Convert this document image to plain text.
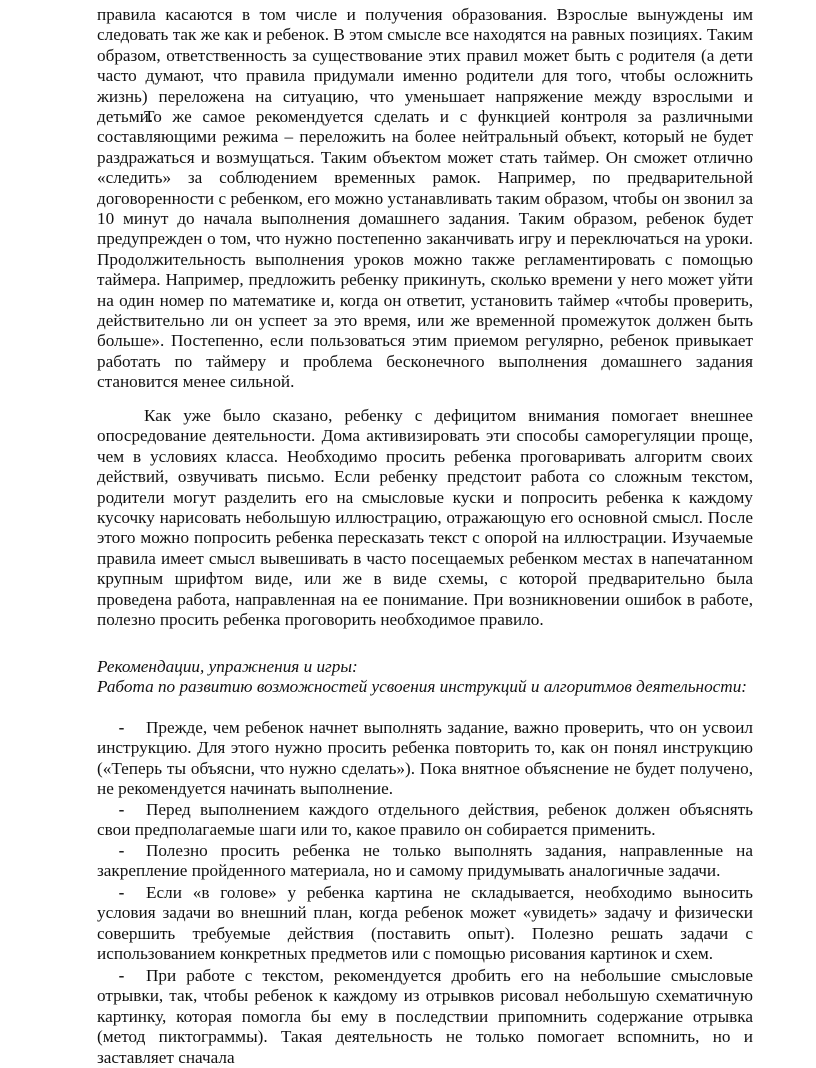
правила касаются в том числе и получения образования. Взрослые вынуждены им следовать так же как и ребенок. В этом смысле все находятся на равных позициях. Таким образом, ответственность за существование этих правил может быть с родителя (а дети часто думают, что правила придумали именно родители для того, чтобы осложнить жизнь) переложена на ситуацию, что уменьшает напряжение между взрослыми и детьми.

То же самое рекомендуется сделать и с функцией контроля за различными составляющими режима – переложить на более нейтральный объект, который не будет раздражаться и возмущаться. Таким объектом может стать таймер. Он сможет отлично «следить» за соблюдением временных рамок. Например, по предварительной договоренности с ребенком, его можно устанавливать таким образом, чтобы он звонил за 10 минут до начала выполнения домашнего задания. Таким образом, ребенок будет предупрежден о том, что нужно постепенно заканчивать игру и переключаться на уроки. Продолжительность выполнения уроков можно также регламентировать с помощью таймера. Например, предложить ребенку прикинуть, сколько времени у него может уйти на один номер по математике и, когда он ответит, установить таймер «чтобы проверить, действительно ли он успеет за это время, или же временной промежуток должен быть больше». Постепенно, если пользоваться этим приемом регулярно, ребенок привыкает работать по таймеру и проблема бесконечного выполнения домашнего задания становится менее сильной.

Как уже было сказано, ребенку с дефицитом внимания помогает внешнее опосредование деятельности. Дома активизировать эти способы саморегуляции проще, чем в условиях класса. Необходимо просить ребенка проговаривать алгоритм своих действий, озвучивать письмо. Если ребенку предстоит работа со сложным текстом, родители могут разделить его на смысловые куски и попросить ребенка к каждому кусочку нарисовать небольшую иллюстрацию, отражающую его основной смысл. После этого можно попросить ребенка пересказать текст с опорой на иллюстрации. Изучаемые правила имеет смысл вывешивать в часто посещаемых ребенком местах в напечатанном крупным шрифтом виде, или же в виде схемы, с которой предварительно была проведена работа, направленная на ее понимание. При возникновении ошибок в работе, полезно просить ребенка проговорить необходимое правило.

Рекомендации, упражнения и игры:

Работа по развитию возможностей усвоения инструкций и алгоритмов деятельности:

- Прежде, чем ребенок начнет выполнять задание, важно проверить, что он усвоил инструкцию. Для этого нужно просить ребенка повторить то, как он понял инструкцию («Теперь ты объясни, что нужно сделать»). Пока внятное объяснение не будет получено, не рекомендуется начинать выполнение.

- Перед выполнением каждого отдельного действия, ребенок должен объяснять свои предполагаемые шаги или то, какое правило он собирается применить.

- Полезно просить ребенка не только выполнять задания, направленные на закрепление пройденного материала, но и самому придумывать аналогичные задачи.

- Если «в голове» у ребенка картина не складывается, необходимо выносить условия задачи во внешний план, когда ребенок может «увидеть» задачу и физически совершить требуемые действия (поставить опыт). Полезно решать задачи с использованием конкретных предметов или с помощью рисования картинок и схем.

- При работе с текстом, рекомендуется дробить его на небольшие смысловые отрывки, так, чтобы ребенок к каждому из отрывков рисовал небольшую схематичную картинку, которая помогла бы ему в последствии припомнить содержание отрывка (метод пиктограммы). Такая деятельность не только помогает вспомнить, но и заставляет сначала
